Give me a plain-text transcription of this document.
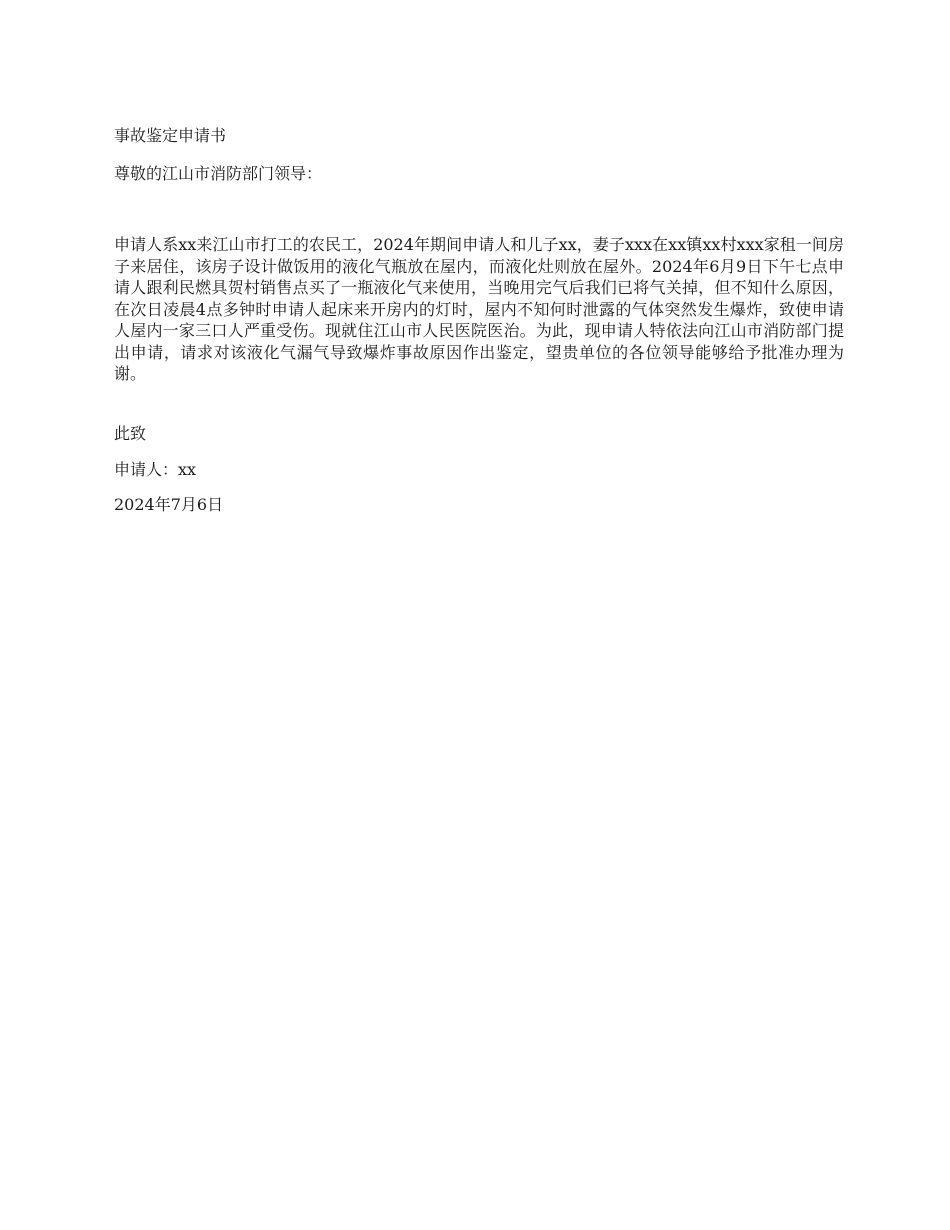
事故鉴定申请书

尊敬的江山市消防部门领导：

申请人系xx来江山市打工的农民工，2024年期间申请人和儿子xx，妻子xxx在xx镇xx村xxx家租一间房子来居住，该房子设计做饭用的液化气瓶放在屋内，而液化灶则放在屋外。2024年6月9日下午七点申请人跟利民燃具贺村销售点买了一瓶液化气来使用，当晚用完气后我们已将气关掉，但不知什么原因，在次日凌晨4点多钟时申请人起床来开房内的灯时，屋内不知何时泄露的气体突然发生爆炸，致使申请人屋内一家三口人严重受伤。现就住江山市人民医院医治。为此，现申请人特依法向江山市消防部门提出申请，请求对该液化气漏气导致爆炸事故原因作出鉴定，望贵单位的各位领导能够给予批准办理为谢。

此致

申请人：xx

2024年7月6日
